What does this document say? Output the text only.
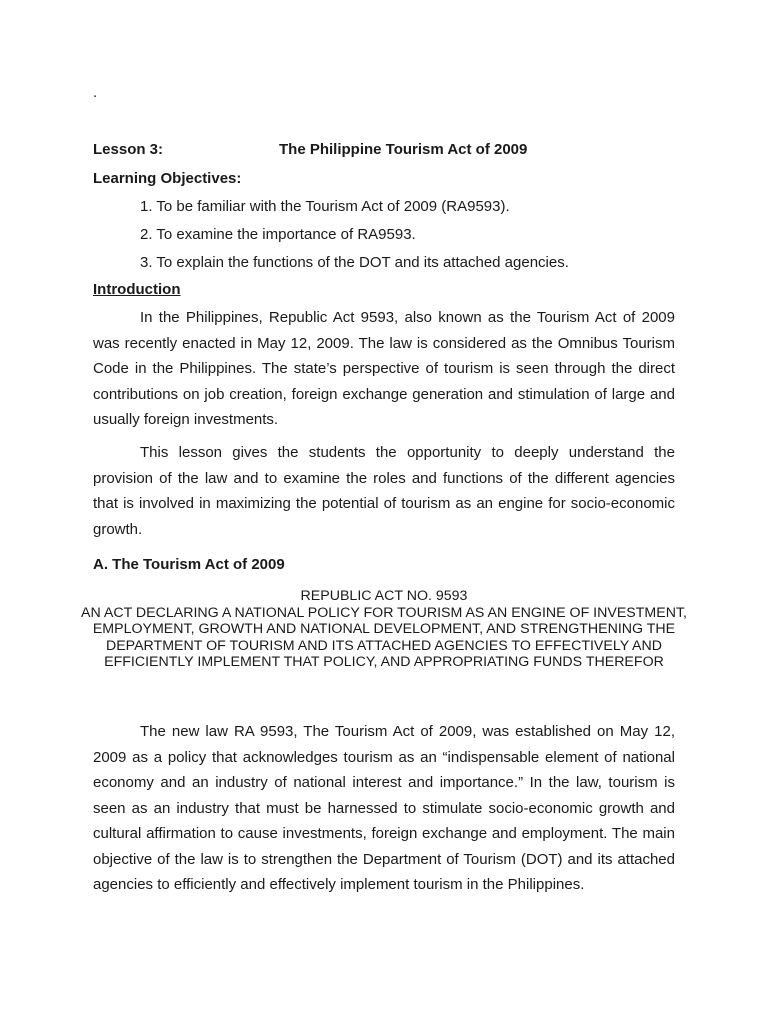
.
Lesson 3:	The Philippine Tourism Act of 2009
Learning Objectives:
1. To be familiar with the Tourism Act of 2009 (RA9593).
2. To examine the importance of RA9593.
3. To explain the functions of the DOT and its attached agencies.
Introduction

In the Philippines, Republic Act 9593, also known as the Tourism Act of 2009 was recently enacted in May 12, 2009. The law is considered as the Omnibus Tourism Code in the Philippines. The state’s perspective of tourism is seen through the direct contributions on job creation, foreign exchange generation and stimulation of large and usually foreign investments.

This lesson gives the students the opportunity to deeply understand the provision of the law and to examine the roles and functions of the different agencies that is involved in maximizing the potential of tourism as an engine for socio-economic growth.

A. The Tourism Act of 2009
REPUBLIC ACT NO. 9593
AN ACT DECLARING A NATIONAL POLICY FOR TOURISM AS AN ENGINE OF INVESTMENT, EMPLOYMENT, GROWTH AND NATIONAL DEVELOPMENT, AND STRENGTHENING THE DEPARTMENT OF TOURISM AND ITS ATTACHED AGENCIES TO EFFECTIVELY AND EFFICIENTLY IMPLEMENT THAT POLICY, AND APPROPRIATING FUNDS THEREFOR

The new law RA 9593, The Tourism Act of 2009, was established on May 12, 2009 as a policy that acknowledges tourism as an “indispensable element of national economy and an industry of national interest and importance.” In the law, tourism is seen as an industry that must be harnessed to stimulate socio-economic growth and cultural affirmation to cause investments, foreign exchange and employment. The main objective of the law is to strengthen the Department of Tourism (DOT) and its attached agencies to efficiently and effectively implement tourism in the Philippines.
